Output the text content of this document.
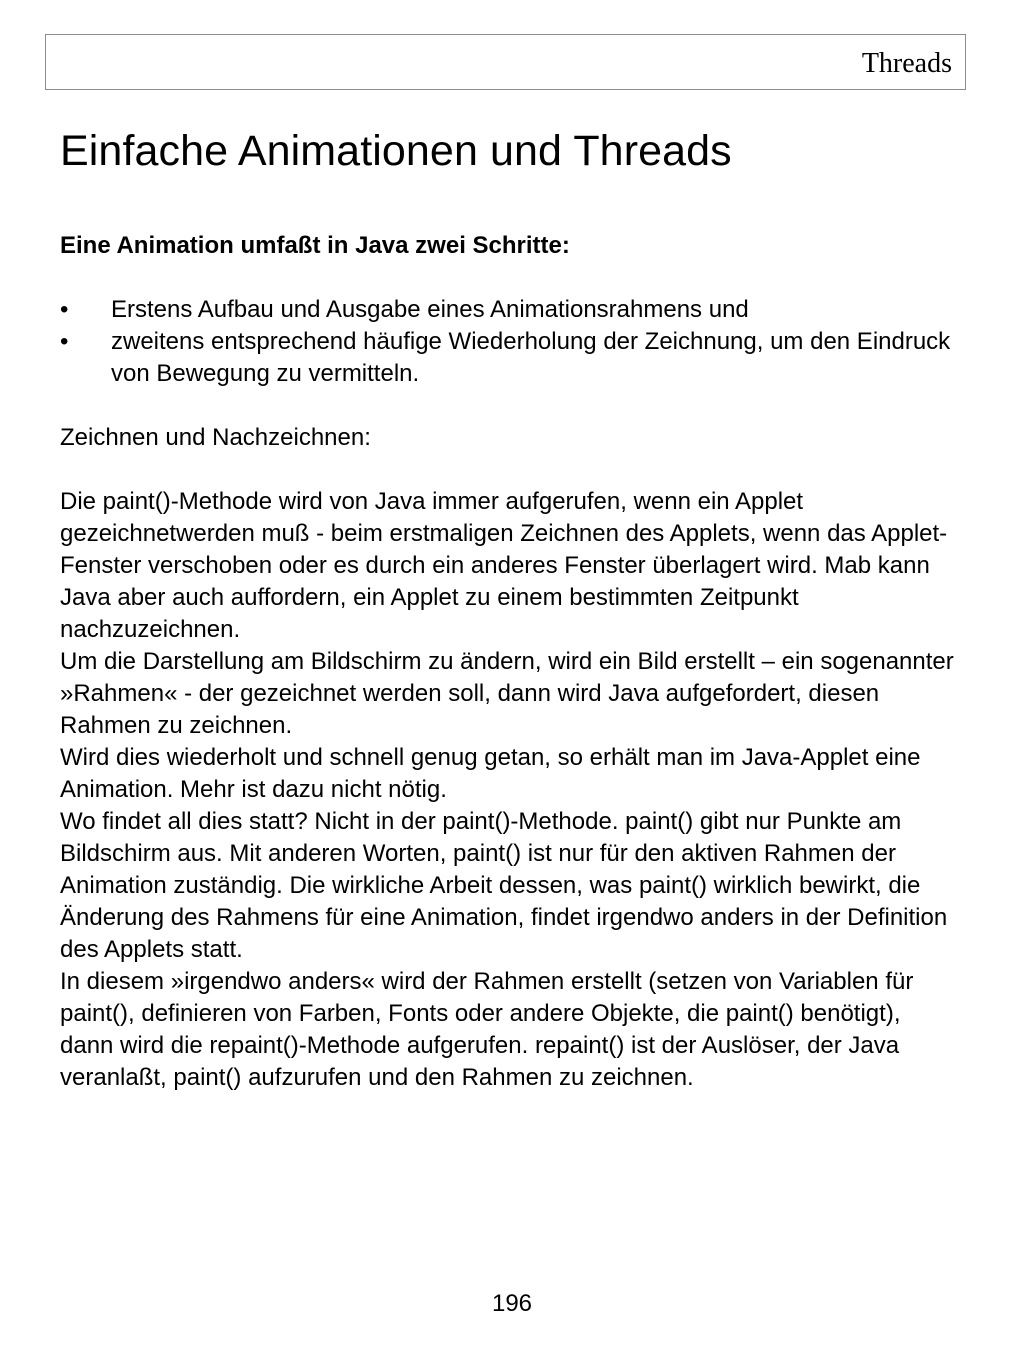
Threads
Einfache Animationen und Threads

Eine Animation umfaßt in Java zwei Schritte:

• Erstens Aufbau und Ausgabe eines Animationsrahmens und
• zweitens entsprechend häufige Wiederholung der Zeichnung, um den Eindruck von Bewegung zu vermitteln.

Zeichnen und Nachzeichnen:

Die paint()-Methode wird von Java immer aufgerufen, wenn ein Applet gezeichnetwerden muß - beim erstmaligen Zeichnen des Applets, wenn das Applet-Fenster verschoben oder es durch ein anderes Fenster überlagert wird. Mab kann Java aber auch auffordern, ein Applet zu einem bestimmten Zeitpunkt nachzuzeichnen.

Um die Darstellung am Bildschirm zu ändern, wird ein Bild erstellt – ein sogenannter »Rahmen« - der gezeichnet werden soll, dann wird Java aufgefordert, diesen Rahmen zu zeichnen.

Wird dies wiederholt und schnell genug getan, so erhält man im Java-Applet eine Animation. Mehr ist dazu nicht nötig.

Wo findet all dies statt? Nicht in der paint()-Methode. paint() gibt nur Punkte am Bildschirm aus. Mit anderen Worten, paint() ist nur für den aktiven Rahmen der Animation zuständig. Die wirkliche Arbeit dessen, was paint() wirklich bewirkt, die Änderung des Rahmens für eine Animation, findet irgendwo anders in der Definition des Applets statt.

In diesem »irgendwo anders« wird der Rahmen erstellt (setzen von Variablen für paint(), definieren von Farben, Fonts oder andere Objekte, die paint() benötigt), dann wird die repaint()-Methode aufgerufen. repaint() ist der Auslöser, der Java veranlaßt, paint() aufzurufen und den Rahmen zu zeichnen.

196
